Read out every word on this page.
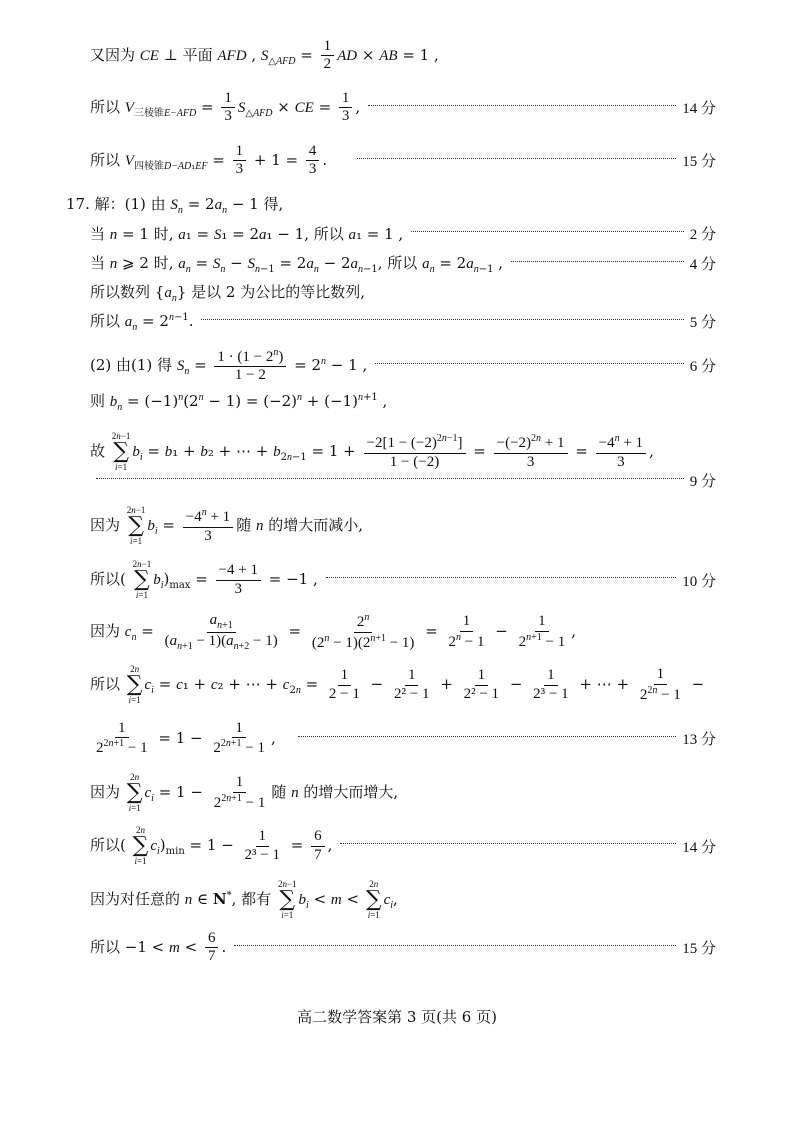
又因为 CE ⊥ 平面 AFD , $S_{\triangle AFD} = \frac{1}{2}$ AD × AB = 1 ,
所以 $V_{三棱锥E-AFD} = \frac{1}{3} S_{\triangle AFD}$ × CE = $\frac{1}{3}$ ,	14 分
所以 $V_{四棱锥D-AD_1EF} = \frac{1}{3} + 1 = \frac{4}{3}$ .	15 分
17. 解：(1) 由 $S_n = 2a_n - 1$ 得,
当 n = 1 时, a₁ = S₁ = 2a₁ − 1, 所以 a₁ = 1 ,	2 分
当 n ⩾ 2 时, $a_n = S_n - S_{n-1} = 2a_n - 2a_{n-1}$, 所以 $a_n = 2a_{n-1}$ ,	4 分
所以数列 $\{a_n\}$ 是以 2 为公比的等比数列,
所以 $a_n = 2^{n-1}$.	5 分
(2) 由(1) 得 $S_n = \frac{1 \cdot (1 - 2^n)}{1 - 2} = 2^n - 1$ ,	6 分
则 $b_n = (-1)^n(2^n - 1) = (-2)^n + (-1)^{n+1}$ ,
故
2n−1
∑
i=1
$b_i = b_1 + b_2$ + ⋯ + $b_{2n-1} = 1 + \frac{-2[1 - (-2)^{2n-1}]}{1 - (-2)} = \frac{-(-2)^{2n} + 1}{3} = \frac{-4^n + 1}{3}$ ,
9 分
因为
2n−1
∑
i=1
$b_i = \frac{-4^n + 1}{3}$ 随 n 的增大而减小,
所以(
2n−1
∑
i=1
$b_i)_{max} = \frac{-4 + 1}{3} = -1$ ,	10 分
因为 $c_n = \frac{a_{n+1}}{(a_{n+1} - 1)(a_{n+2} - 1)} = \frac{2^n}{(2^n - 1)(2^{n+1} - 1)} = \frac{1}{2^n - 1} - \frac{1}{2^{n+1} - 1}$ ,
所以
2n
∑
i=1
$c_i = c_1 + c_2$ + ⋯ + $c_{2n} = \frac{1}{2 - 1} - \frac{1}{\text{2² − 1}} + \frac{1}{\text{2² − 1}} - \frac{1}{\text{2³ − 1}}$ + ⋯ + $\frac{1}{2^{2n} - 1}$ −
$\frac{1}{2^{2n+1} - 1} = 1 - \frac{1}{2^{2n+1} - 1}$ ,	13 分
因为
2n
∑
i=1
$c_i = 1 - \frac{1}{2^{2n+1} - 1}$ 随 n 的增大而增大,
所以(
2n
∑
i=1
$c_i)_{min} = 1 - \frac{1}{\text{2³ − 1}} = \frac{6}{7}$ ,	14 分
因为对任意的 n ∈ N*, 都有
2n−1
∑
i=1
$b_i < m$ <
2n
∑
i=1
$c_i$,
所以 $-1 < m < \frac{6}{7}$ .	15 分
高二数学答案第 3 页(共 6 页)
